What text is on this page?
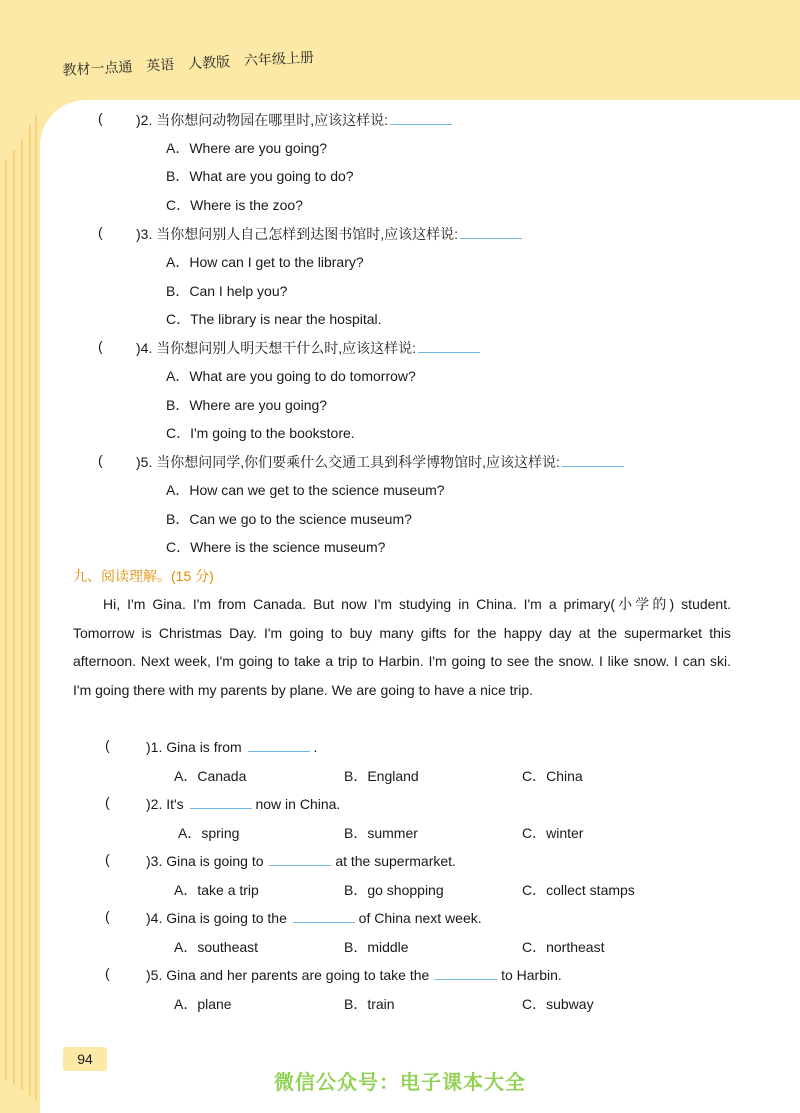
教材一点通 英语 人教版 六年级上册
( )2. 当你想问动物园在哪里时,应该这样说:
A．Where are you going?
B．What are you going to do?
C．Where is the zoo?
( )3. 当你想问别人自己怎样到达图书馆时,应该这样说:
A．How can I get to the library?
B．Can I help you?
C．The library is near the hospital.
( )4. 当你想问别人明天想干什么时,应该这样说:
A．What are you going to do tomorrow?
B．Where are you going?
C．I'm going to the bookstore.
( )5. 当你想问同学,你们要乘什么交通工具到科学博物馆时,应该这样说:
A．How can we get to the science museum?
B．Can we go to the science museum?
C．Where is the science museum?
九、阅读理解。(15 分)
Hi, I'm Gina. I'm from Canada. But now I'm studying in China. I'm a primary(小学的) student. Tomorrow is Christmas Day. I'm going to buy many gifts for the happy day at the supermarket this afternoon. Next week, I'm going to take a trip to Harbin. I'm going to see the snow. I like snow. I can ski. I'm going there with my parents by plane. We are going to have a nice trip.
(	)1. Gina is from	.
A．Canada	B．England	C．China
(	)2. It's	now in China.
A．spring	B．summer	C．winter
(	)3. Gina is going to	at the supermarket.
A．take a trip	B．go shopping	C．collect stamps
(	)4. Gina is going to the	of China next week.
A．southeast	B．middle	C．northeast
(	)5. Gina and her parents are going to take the	to Harbin.
A．plane	B．train	C．subway
94
微信公众号：电子课本大全
